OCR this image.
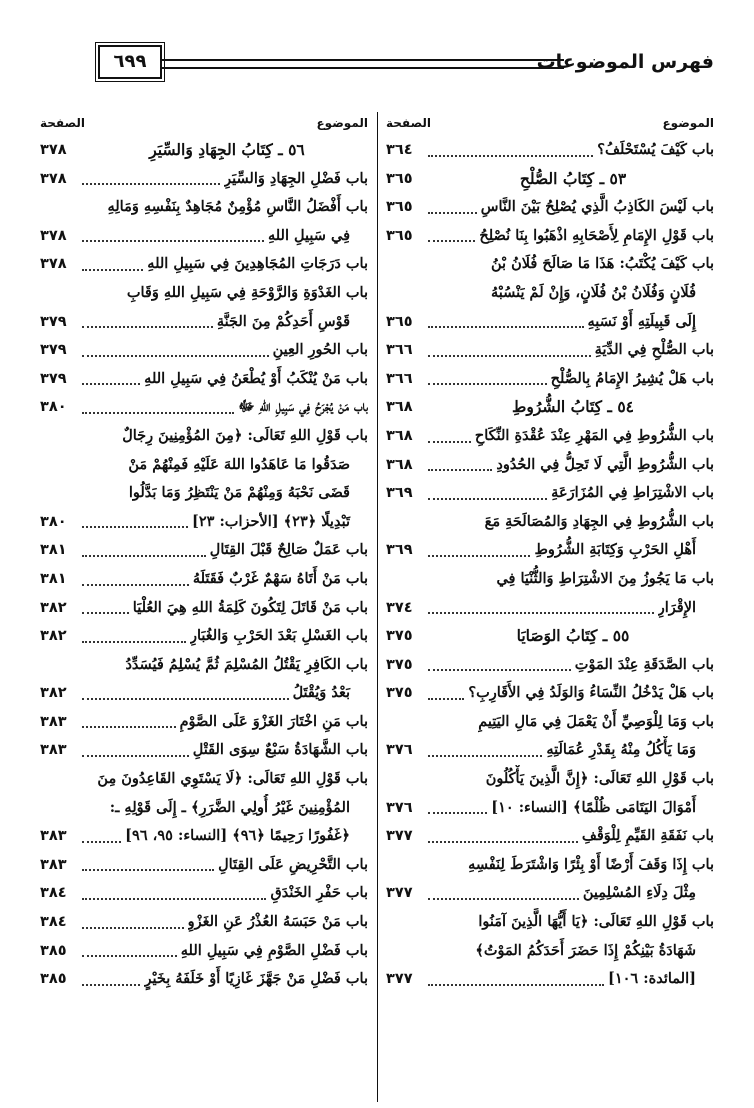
فهرس الموضوعات
٦٩٩
الموضوع
الصفحة
باب كَيْفَ يُسْتَحْلَفُ؟
٣٦٤
٥٣ ـ كِتَابُ الصُّلْحِ
٣٦٥
باب لَيْسَ الكَاذِبُ الَّذِي يُصْلِحُ بَيْنَ النَّاسِ
٣٦٥
باب قَوْلِ الإِمَامِ لِأَصْحَابِهِ اذْهَبُوا بِنَا نُصْلِحُ
٣٦٥
باب كَيْفَ يُكْتَبُ: هَذَا مَا صَالَحَ فُلَانُ بْنُ
فُلَانٍ وَفُلَانُ بْنُ فُلَانٍ، وَإِنْ لَمْ يَنْسُبْهُ
إِلَى قَبِيلَتِهِ أَوْ نَسَبِهِ
٣٦٥
باب الصُّلْحِ فِي الدِّيَةِ
٣٦٦
باب هَلْ يُشِيرُ الإِمَامُ بِالصُّلْحِ
٣٦٦
٥٤ ـ كِتَابُ الشُّرُوطِ
٣٦٨
باب الشُّرُوطِ فِي المَهْرِ عِنْدَ عُقْدَةِ النِّكَاحِ
٣٦٨
باب الشُّرُوطِ الَّتِي لَا تَحِلُّ فِي الحُدُودِ
٣٦٨
باب الاشْتِرَاطِ فِي المُزَارَعَةِ
٣٦٩
باب الشُّرُوطِ فِي الجِهَادِ وَالمُصَالَحَةِ مَعَ
أَهْلِ الحَرْبِ وَكِتَابَةِ الشُّرُوطِ
٣٦٩
باب مَا يَجُوزُ مِنَ الاشْتِرَاطِ وَالثُّنْيَا فِي
الإِقْرَارِ
٣٧٤
٥٥ ـ كِتَابُ الوَصَايَا
٣٧٥
باب الصَّدَقَةِ عِنْدَ المَوْتِ
٣٧٥
باب هَلْ يَدْخُلُ النِّسَاءُ وَالوَلَدُ فِي الأَقَارِبِ؟
٣٧٥
باب وَمَا لِلْوَصِيِّ أَنْ يَعْمَلَ فِي مَالِ اليَتِيمِ
وَمَا يَأْكُلُ مِنْهُ بِقَدْرِ عُمَالَتِهِ
٣٧٦
باب قَوْلِ اللهِ تَعَالَى: ﴿إِنَّ الَّذِينَ يَأْكُلُونَ
أَمْوَالَ اليَتَامَى ظُلْمًا﴾ [النساء: ١٠]
٣٧٦
باب نَفَقَةِ القَيِّمِ لِلْوَقْفِ
٣٧٧
باب إِذَا وَقَفَ أَرْضًا أَوْ بِئْرًا وَاشْتَرَطَ لِنَفْسِهِ
مِثْلَ دِلَاءِ المُسْلِمِينَ
٣٧٧
باب قَوْلِ اللهِ تَعَالَى: ﴿يَا أَيُّهَا الَّذِينَ آمَنُوا
شَهَادَةُ بَيْنِكُمْ إِذَا حَضَرَ أَحَدَكُمُ المَوْتُ﴾
[المائدة: ١٠٦]
٣٧٧
الموضوع
الصفحة
٥٦ ـ كِتَابُ الجِهَادِ وَالسِّيَرِ
٣٧٨
باب فَضْلِ الجِهَادِ وَالسِّيَرِ
٣٧٨
باب أَفْضَلُ النَّاسِ مُؤْمِنٌ مُجَاهِدٌ بِنَفْسِهِ وَمَالِهِ
فِي سَبِيلِ اللهِ
٣٧٨
باب دَرَجَاتِ المُجَاهِدِينَ فِي سَبِيلِ اللهِ
٣٧٨
باب الغَدْوَةِ وَالرَّوْحَةِ فِي سَبِيلِ اللهِ وَقَابِ
قَوْسِ أَحَدِكُمْ مِنَ الجَنَّةِ
٣٧٩
باب الحُورِ العِينِ
٣٧٩
باب مَنْ يُنْكَبُ أَوْ يُطْعَنُ فِي سَبِيلِ اللهِ
٣٧٩
باب مَنْ يُجْرَحُ فِي سَبِيلِ اللهِ ﷻ
٣٨٠
باب قَوْلِ اللهِ تَعَالَى: ﴿مِنَ المُؤْمِنِينَ رِجَالٌ
صَدَقُوا مَا عَاهَدُوا اللهَ عَلَيْهِ فَمِنْهُمْ مَنْ
قَضَى نَحْبَهُ وَمِنْهُمْ مَنْ يَنْتَظِرُ وَمَا بَدَّلُوا
تَبْدِيلًا ﴿٢٣﴾ [الأحزاب: ٢٣]
٣٨٠
باب عَمَلٌ صَالِحٌ قَبْلَ القِتَالِ
٣٨١
باب مَنْ أَتَاهُ سَهْمٌ غَرْبٌ فَقَتَلَهُ
٣٨١
باب مَنْ قَاتَلَ لِتَكُونَ كَلِمَةُ اللهِ هِيَ العُلْيَا
٣٨٢
باب الغَسْلِ بَعْدَ الحَرْبِ وَالغُبَارِ
٣٨٢
باب الكَافِرِ يَقْتُلُ المُسْلِمَ ثُمَّ يُسْلِمُ فَيُسَدِّدُ
بَعْدُ وَيُقْتَلُ
٣٨٢
باب مَنِ اخْتَارَ الغَزْوَ عَلَى الصَّوْمِ
٣٨٣
باب الشَّهَادَةُ سَبْعٌ سِوَى القَتْلِ
٣٨٣
باب قَوْلِ اللهِ تَعَالَى: ﴿لَا يَسْتَوِي القَاعِدُونَ مِنَ
المُؤْمِنِينَ غَيْرُ أُولِي الضَّرَرِ﴾ ـ إِلَى قَوْلِهِ ـ:
﴿غَفُورًا رَحِيمًا ﴿٩٦﴾ [النساء: ٩٥، ٩٦]
٣٨٣
باب التَّحْرِيضِ عَلَى القِتَالِ
٣٨٣
باب حَفْرِ الخَنْدَقِ
٣٨٤
باب مَنْ حَبَسَهُ العُذْرُ عَنِ الغَزْوِ
٣٨٤
باب فَضْلِ الصَّوْمِ فِي سَبِيلِ اللهِ
٣٨٥
باب فَضْلِ مَنْ جَهَّزَ غَازِيًا أَوْ خَلَفَهُ بِخَيْرٍ
٣٨٥
